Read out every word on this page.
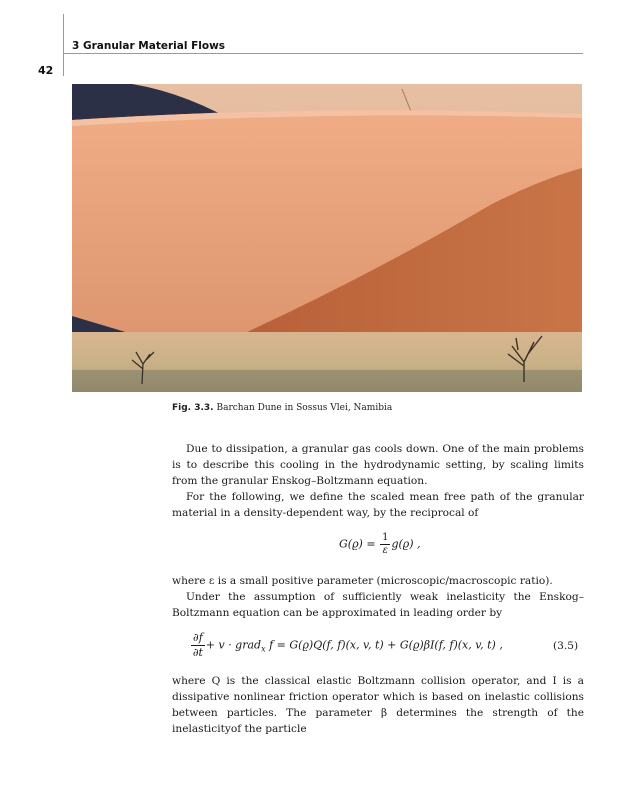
3 Granular Material Flows
42
Fig. 3.3. Barchan Dune in Sossus Vlei, Namibia
Due to dissipation, a granular gas cools down. One of the main problems is to describe this cooling in the hydrodynamic setting, by scaling limits from the granular Enskog–Boltzmann equation.
For the following, we define the scaled mean free path of the granular material in a density-dependent way, by the reciprocal of
$G(ϱ) = \frac{1}{\varepsilon} g(ϱ)$ ,
where ε is a small positive parameter (microscopic/macroscopic ratio).
Under the assumption of sufficiently weak inelasticity the Enskog–Boltzmann equation can be approximated in leading order by
$\frac{\partial f}{\partial t} + v$ · grad$_x$ f = G(ϱ)Q(f, f)(x, v, t) + G(ϱ)βI(f, f)(x, v, t) ,	(3.5)
where Q is the classical elastic Boltzmann collision operator, and I is a dissipative nonlinear friction operator which is based on inelastic collisions between particles. The parameter β determines the strength of the inelasticityof the particle
